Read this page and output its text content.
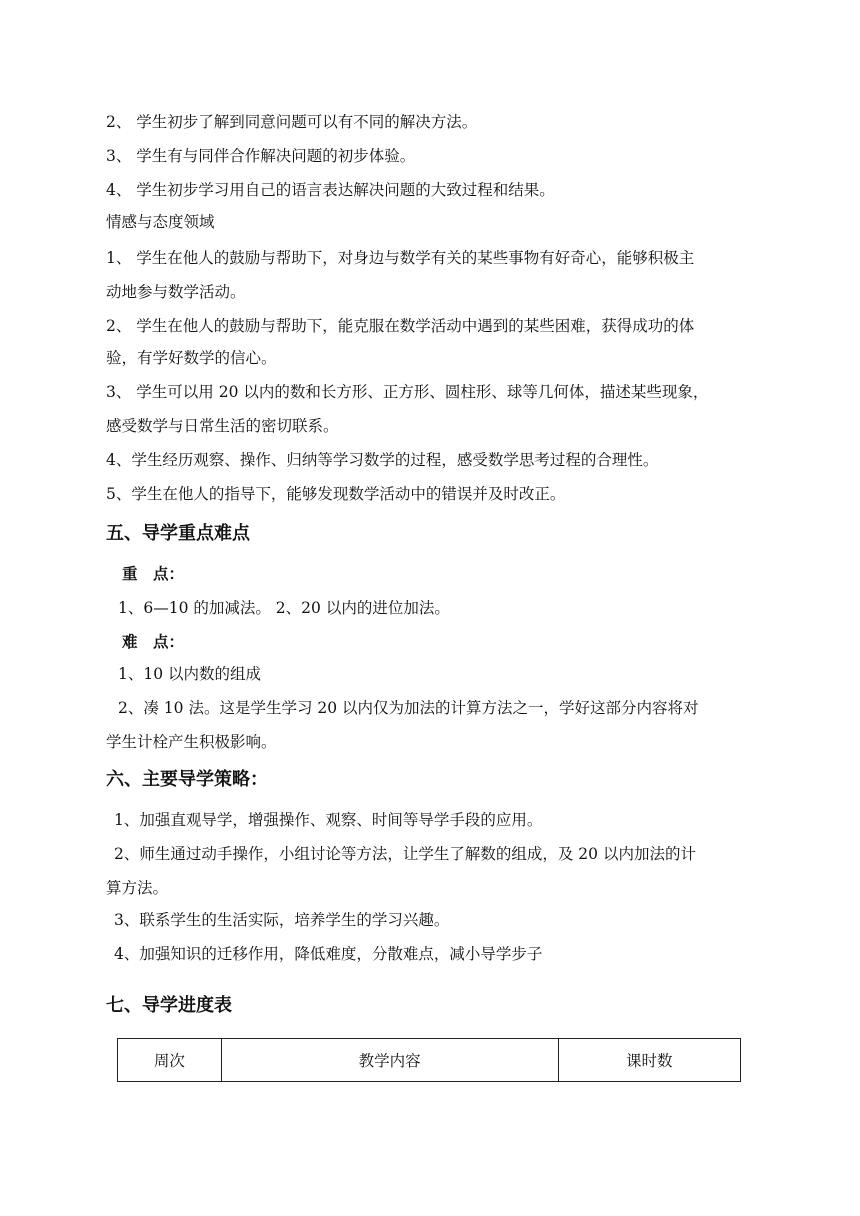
2、 学生初步了解到同意问题可以有不同的解决方法。
3、 学生有与同伴合作解决问题的初步体验。
4、 学生初步学习用自己的语言表达解决问题的大致过程和结果。
情感与态度领域
1、 学生在他人的鼓励与帮助下，对身边与数学有关的某些事物有好奇心，能够积极主
动地参与数学活动。
2、 学生在他人的鼓励与帮助下，能克服在数学活动中遇到的某些困难，获得成功的体
验，有学好数学的信心。
3、 学生可以用 20 以内的数和长方形、正方形、圆柱形、球等几何体，描述某些现象，
感受数学与日常生活的密切联系。
4、学生经历观察、操作、归纳等学习数学的过程，感受数学思考过程的合理性。
5、学生在他人的指导下，能够发现数学活动中的错误并及时改正。
五、导学重点难点
重　点：
1、6—10 的加减法。 2、20 以内的进位加法。
难　点：
1、10 以内数的组成
2、凑 10 法。这是学生学习 20 以内仅为加法的计算方法之一，学好这部分内容将对
学生计栓产生积极影响。
六、主要导学策略：
1、加强直观导学，增强操作、观察、时间等导学手段的应用。
2、师生通过动手操作，小组讨论等方法，让学生了解数的组成，及 20 以内加法的计
算方法。
3、联系学生的生活实际，培养学生的学习兴趣。
4、加强知识的迁移作用，降低难度，分散难点，减小导学步子
七、导学进度表
周次	教学内容	课时数
